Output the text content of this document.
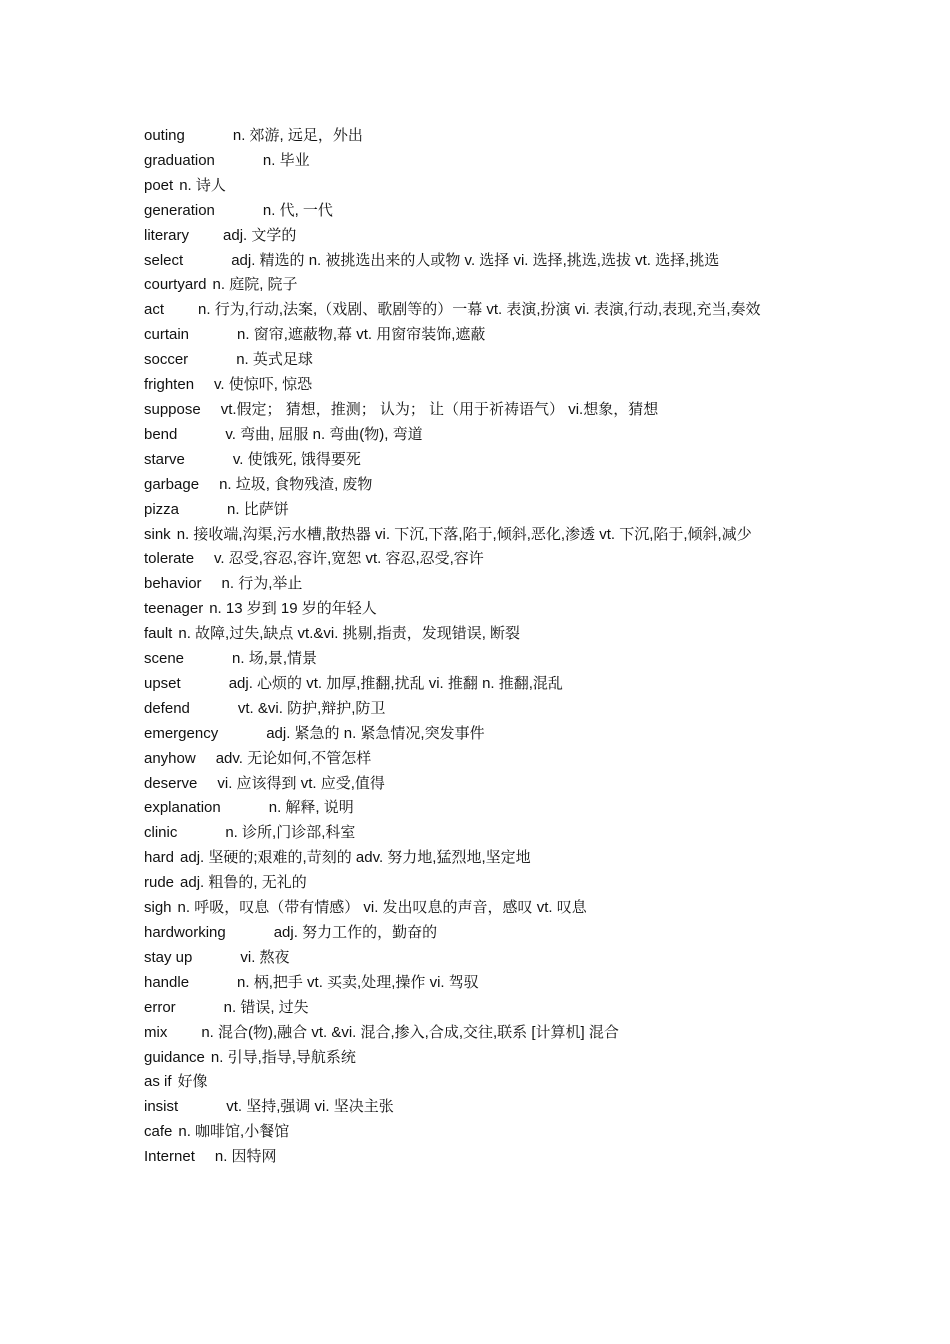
outing	n. 郊游, 远足，外出

graduation	n. 毕业

poet n. 诗人

generation	n. 代, 一代

literary adj. 文学的

select	adj. 精选的 n. 被挑选出来的人或物 v. 选择 vi. 选择,挑选,选拔 vt. 选择,挑选

courtyard n. 庭院, 院子

act n. 行为,行动,法案,（戏剧、歌剧等的）一幕 vt. 表演,扮演 vi. 表演,行动,表现,充当,奏效

curtain	n. 窗帘,遮蔽物,幕 vt. 用窗帘装饰,遮蔽

soccer	n. 英式足球

frighten v. 使惊吓, 惊恐

suppose vt.假定； 猜想，推测； 认为； 让（用于祈祷语气） vi.想象，猜想

bend	v. 弯曲, 屈服 n. 弯曲(物), 弯道

starve	v. 使饿死, 饿得要死

garbage n. 垃圾, 食物残渣, 废物

pizza	n. 比萨饼

sink n. 接收端,沟渠,污水槽,散热器 vi. 下沉,下落,陷于,倾斜,恶化,渗透 vt. 下沉,陷于,倾斜,减少

tolerate v. 忍受,容忍,容许,宽恕 vt. 容忍,忍受,容许

behavior n. 行为,举止

teenager n. 13 岁到 19 岁的年轻人

fault n. 故障,过失,缺点 vt.&vi. 挑剔,指责，发现错误, 断裂

scene	n. 场,景,情景

upset	adj. 心烦的 vt. 加厚,推翻,扰乱 vi. 推翻 n. 推翻,混乱

defend	vt. &vi. 防护,辩护,防卫

emergency	adj. 紧急的 n. 紧急情况,突发事件

anyhow adv. 无论如何,不管怎样

deserve vi. 应该得到 vt. 应受,值得

explanation	n. 解释, 说明

clinic	n. 诊所,门诊部,科室

hard adj. 坚硬的;艰难的,苛刻的 adv. 努力地,猛烈地,坚定地

rude adj. 粗鲁的, 无礼的

sigh n. 呼吸，叹息（带有情感） vi. 发出叹息的声音，感叹 vt. 叹息

hardworking	adj. 努力工作的，勤奋的

stay up	vi. 熬夜

handle	n. 柄,把手 vt. 买卖,处理,操作 vi. 驾驭

error	n. 错误, 过失

mix n. 混合(物),融合 vt. &vi. 混合,掺入,合成,交往,联系 [计算机] 混合

guidance n. 引导,指导,导航系统

as if 好像

insist	vt. 坚持,强调 vi. 坚决主张

cafe n. 咖啡馆,小餐馆

Internet n. 因特网
